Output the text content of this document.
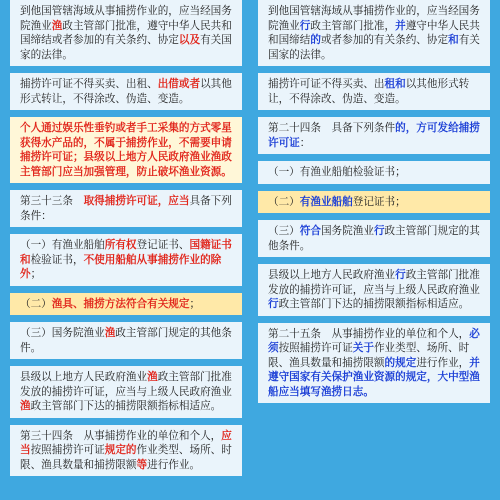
到他国管辖海域从事捕捞作业的，应当经国务院渔业渔政主管部门批准，遵守中华人民共和国缔结或者参加的有关条约、协定以及有关国家的法律。

捕捞许可证不得买卖、出租、出借或者以其他形式转让，不得涂改、伪造、变造。

个人通过娱乐性垂钓或者手工采集的方式零星获得水产品的，不属于捕捞作业，不需要申请捕捞许可证；县级以上地方人民政府渔业渔政主管部门应当加强管理，防止破坏渔业资源。

第三十三条　取得捕捞许可证，应当具备下列条件：

（一）有渔业船舶所有权登记证书、国籍证书和检验证书，不使用船舶从事捕捞作业的除外；

（二）渔具、捕捞方法符合有关规定；

（三）国务院渔业渔政主管部门规定的其他条件。

县级以上地方人民政府渔业渔政主管部门批准发放的捕捞许可证，应当与上级人民政府渔业渔政主管部门下达的捕捞限额指标相适应。

第三十四条　从事捕捞作业的单位和个人，应当按照捕捞许可证规定的作业类型、场所、时限、渔具数量和捕捞限额等进行作业。

到他国管辖海域从事捕捞作业的，应当经国务院渔业行政主管部门批准，并遵守中华人民共和国缔结的或者参加的有关条约、协定和有关国家的法律。

捕捞许可证不得买卖、出租和以其他形式转让，不得涂改、伪造、变造。

第二十四条　具备下列条件的，方可发给捕捞许可证：

（一）有渔业船舶检验证书；

（二）有渔业船舶登记证书；

（三）符合国务院渔业行政主管部门规定的其他条件。

县级以上地方人民政府渔业行政主管部门批准发放的捕捞许可证，应当与上级人民政府渔业行政主管部门下达的捕捞限额指标相适应。

第二十五条　从事捕捞作业的单位和个人，必须按照捕捞许可证关于作业类型、场所、时限、渔具数量和捕捞限额的规定进行作业，并遵守国家有关保护渔业资源的规定，大中型渔船应当填写渔捞日志。
